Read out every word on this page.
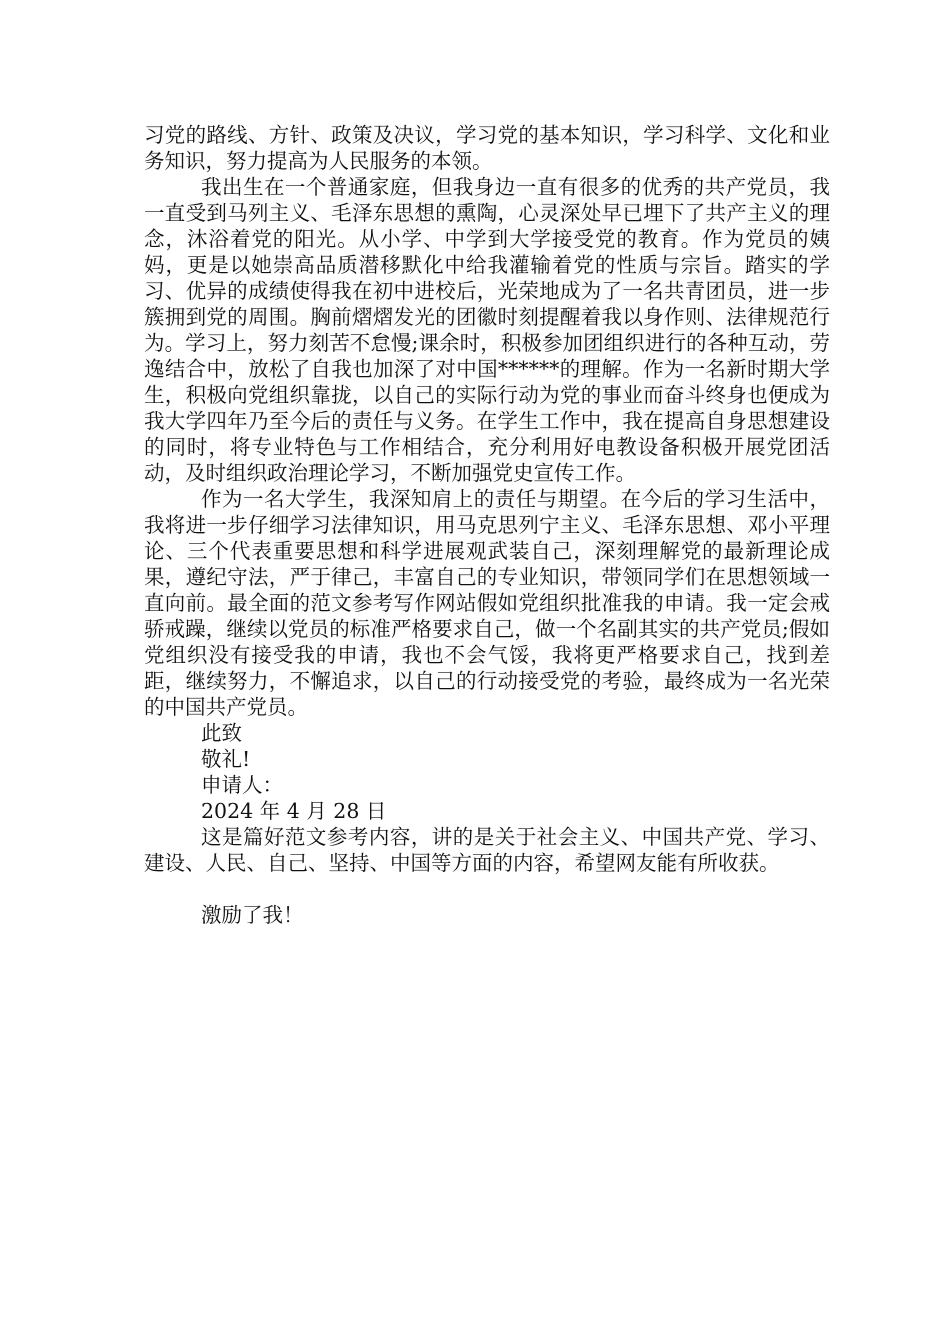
习党的路线、方针、政策及决议，学习党的基本知识，学习科学、文化和业务知识，努力提高为人民服务的本领。

我出生在一个普通家庭，但我身边一直有很多的优秀的共产党员，我一直受到马列主义、毛泽东思想的熏陶，心灵深处早已埋下了共产主义的理念，沐浴着党的阳光。从小学、中学到大学接受党的教育。作为党员的姨妈，更是以她崇高品质潜移默化中给我灌输着党的性质与宗旨。踏实的学习、优异的成绩使得我在初中进校后，光荣地成为了一名共青团员，进一步簇拥到党的周围。胸前熠熠发光的团徽时刻提醒着我以身作则、法律规范行为。学习上，努力刻苦不怠慢;课余时，积极参加团组织进行的各种互动，劳逸结合中，放松了自我也加深了对中国******的理解。作为一名新时期大学生，积极向党组织靠拢，以自己的实际行动为党的事业而奋斗终身也便成为我大学四年乃至今后的责任与义务。在学生工作中，我在提高自身思想建设的同时，将专业特色与工作相结合，充分利用好电教设备积极开展党团活动，及时组织政治理论学习，不断加强党史宣传工作。

作为一名大学生，我深知肩上的责任与期望。在今后的学习生活中，我将进一步仔细学习法律知识，用马克思列宁主义、毛泽东思想、邓小平理论、三个代表重要思想和科学进展观武装自己，深刻理解党的最新理论成果，遵纪守法，严于律己，丰富自己的专业知识，带领同学们在思想领域一直向前。最全面的范文参考写作网站假如党组织批准我的申请。我一定会戒骄戒躁，继续以党员的标准严格要求自己，做一个名副其实的共产党员;假如党组织没有接受我的申请，我也不会气馁，我将更严格要求自己，找到差距，继续努力，不懈追求，以自己的行动接受党的考验，最终成为一名光荣的中国共产党员。

此致

敬礼!

申请人：

2024 年 4 月 28 日

这是篇好范文参考内容，讲的是关于社会主义、中国共产党、学习、建设、人民、自己、坚持、中国等方面的内容，希望网友能有所收获。

激励了我！
